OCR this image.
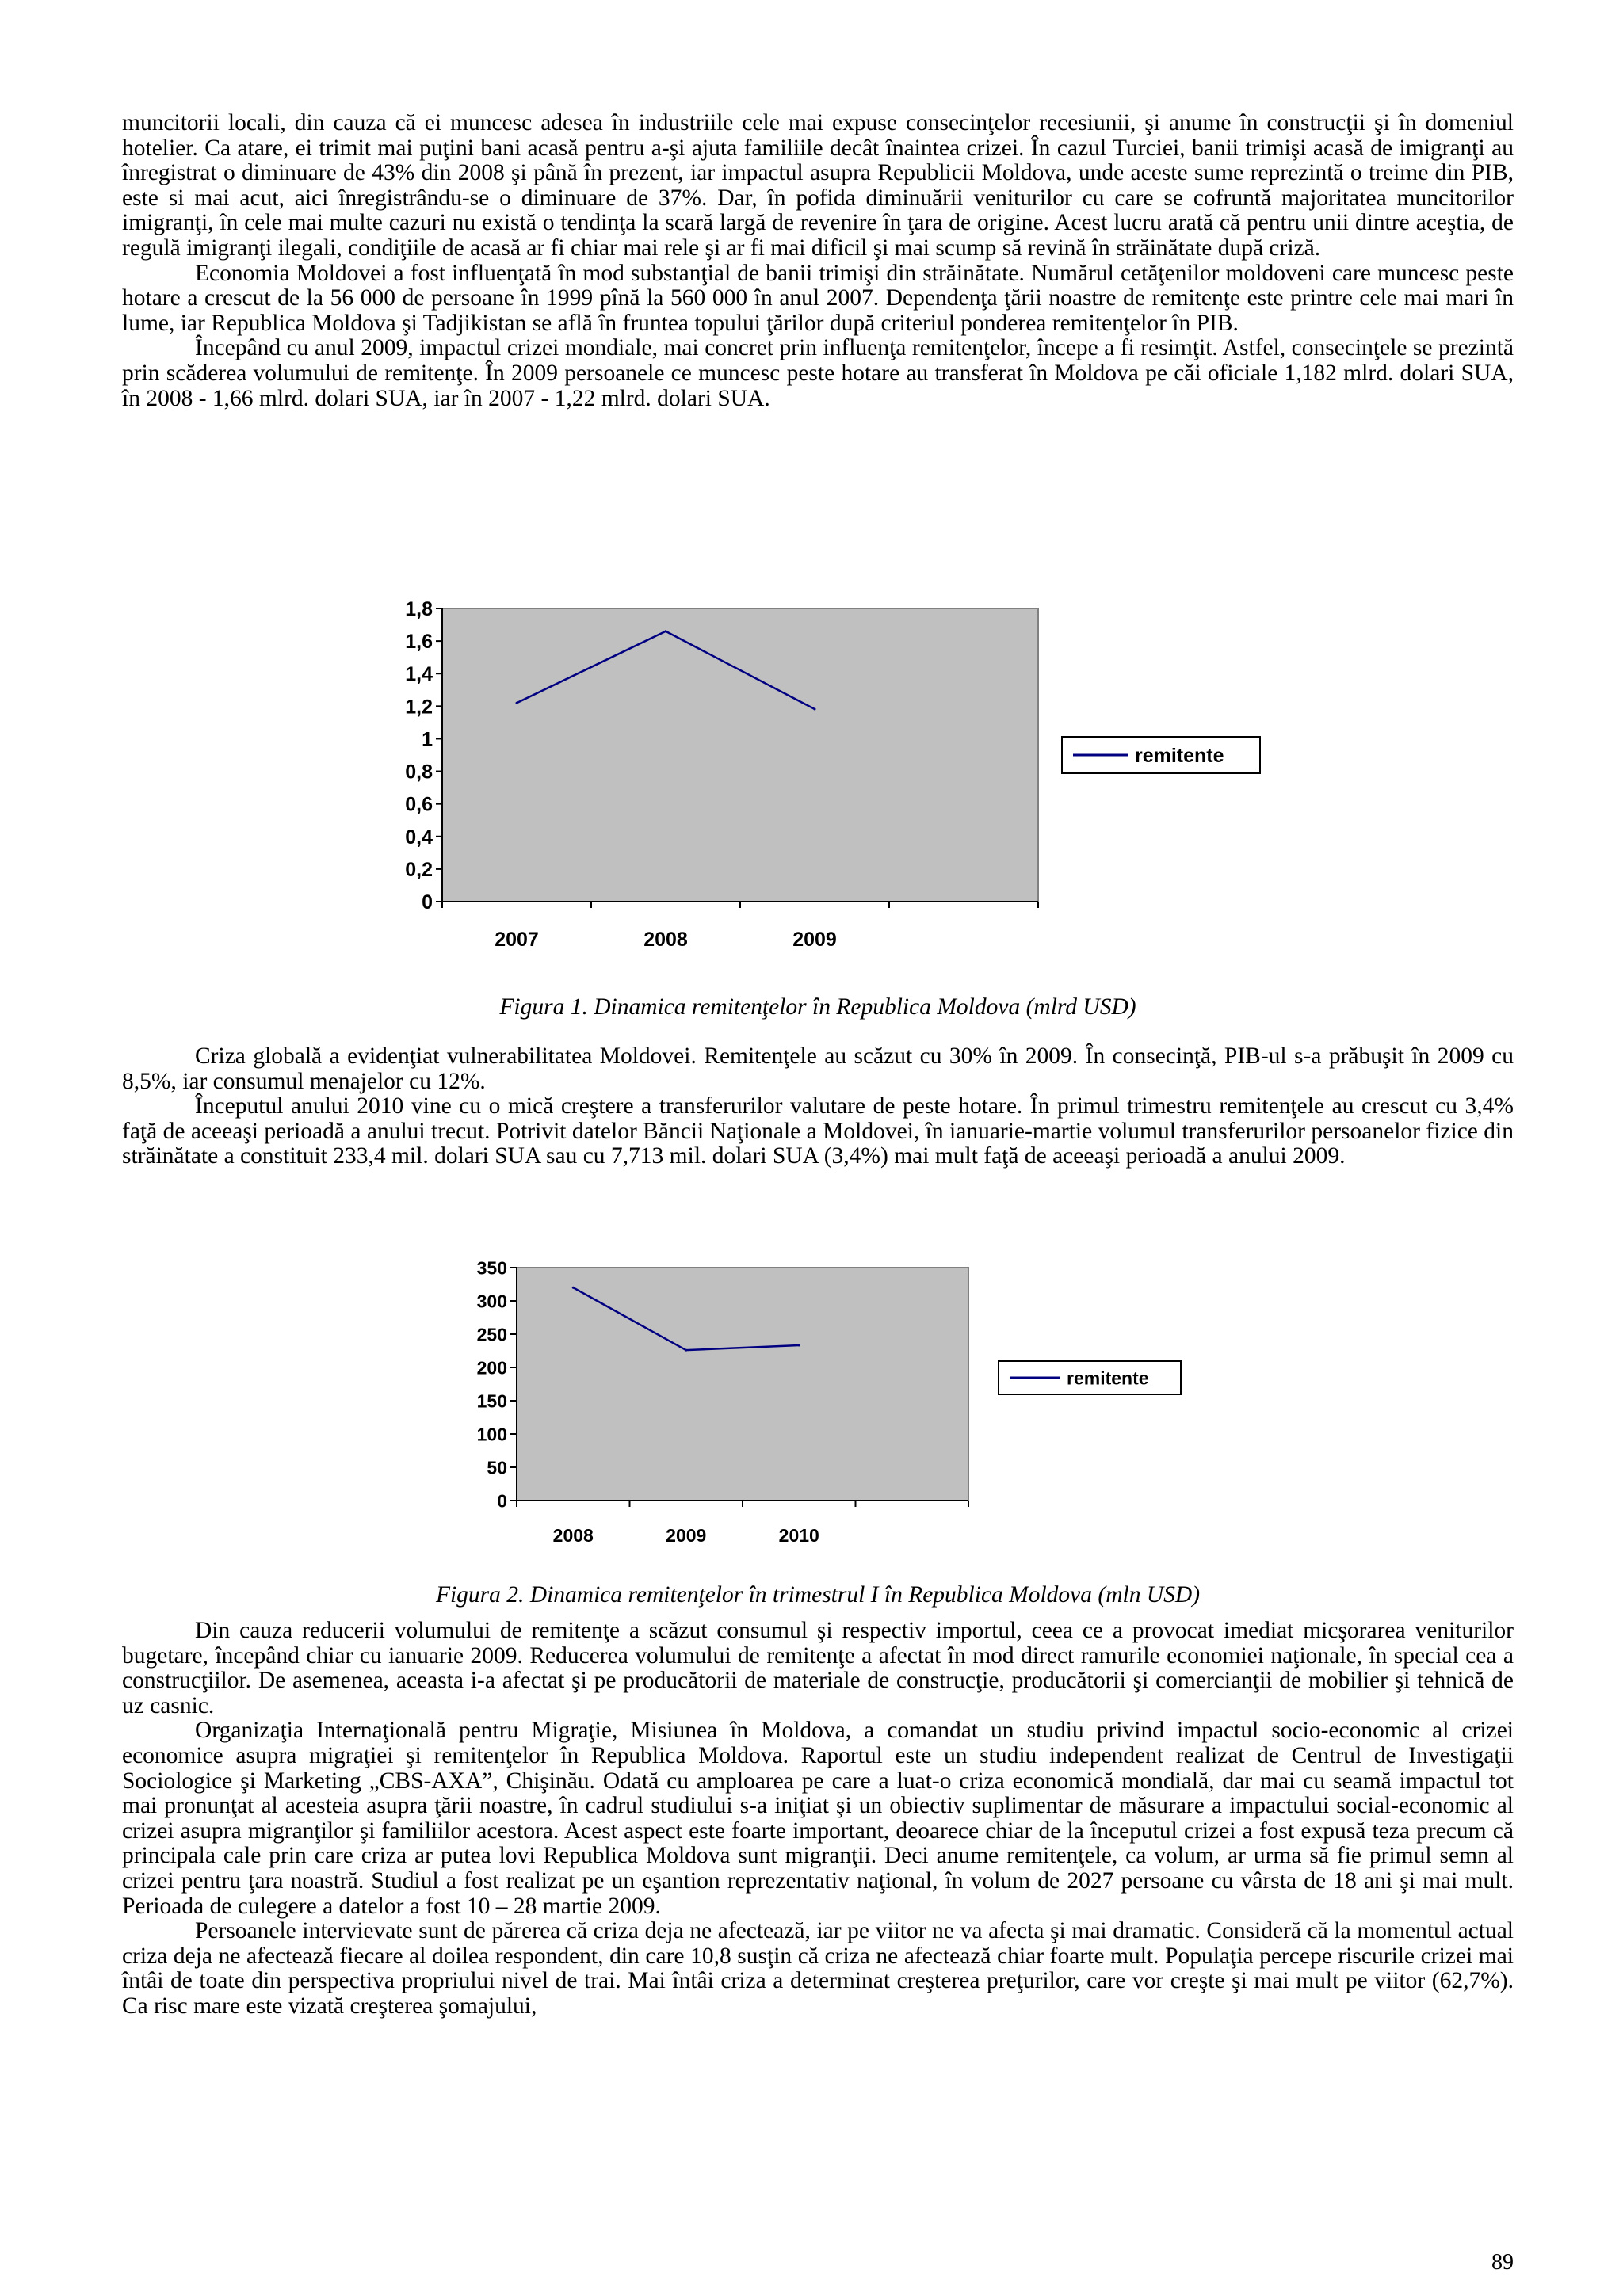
muncitorii locali, din cauza că ei muncesc adesea în industriile cele mai expuse consecinţelor recesiunii, şi anume în construcţii şi în domeniul hotelier. Ca atare, ei trimit mai puţini bani acasă pentru a-şi ajuta familiile decât înaintea crizei. În cazul Turciei, banii trimişi acasă de imigranţi au înregistrat o diminuare de 43% din 2008 şi până în prezent, iar impactul asupra Republicii Moldova, unde aceste sume reprezintă o treime din PIB, este si mai acut, aici înregistrându-se o diminuare de 37%. Dar, în pofida diminuării veniturilor cu care se cofruntă majoritatea muncitorilor imigranţi, în cele mai multe cazuri nu există o tendinţa la scară largă de revenire în ţara de origine. Acest lucru arată că pentru unii dintre aceştia, de regulă imigranţi ilegali, condiţiile de acasă ar fi chiar mai rele şi ar fi mai dificil şi mai scump să revină în străinătate după criză.

Economia Moldovei a fost influenţată în mod substanţial de banii trimişi din străinătate. Numărul cetăţenilor moldoveni care muncesc peste hotare a crescut de la 56 000 de persoane în 1999 pînă la 560 000 în anul 2007. Dependenţa ţării noastre de remitenţe este printre cele mai mari în lume, iar Republica Moldova şi Tadjikistan se află în fruntea topului ţărilor după criteriul ponderea remitenţelor în PIB.

Începând cu anul 2009, impactul crizei mondiale, mai concret prin influenţa remitenţelor, începe a fi resimţit. Astfel, consecinţele se prezintă prin scăderea volumului de remitenţe. În 2009 persoanele ce muncesc peste hotare au transferat în Moldova pe căi oficiale 1,182 mlrd. dolari SUA, în 2008 - 1,66 mlrd. dolari SUA, iar în 2007 - 1,22 mlrd. dolari SUA.

0
0,2
0,4
0,6
0,8
1
1,2
1,4
1,6
1,8
2007	2008	2009
remitente
Figura 1. Dinamica remitenţelor în Republica Moldova (mlrd USD)

Criza globală a evidenţiat vulnerabilitatea Moldovei. Remitenţele au scăzut cu 30% în 2009. În consecinţă, PIB-ul s-a prăbuşit în 2009 cu 8,5%, iar consumul menajelor cu 12%.

Începutul anului 2010 vine cu o mică creştere a transferurilor valutare de peste hotare. În primul trimestru remitenţele au crescut cu 3,4% faţă de aceeaşi perioadă a anului trecut. Potrivit datelor Băncii Naţionale a Moldovei, în ianuarie-martie volumul transferurilor persoanelor fizice din străinătate a constituit 233,4 mil. dolari SUA sau cu 7,713 mil. dolari SUA (3,4%) mai mult faţă de aceeaşi perioadă a anului 2009.

0
50
100
150
200
250
300
350
2008	2009	2010
remitente
Figura 2. Dinamica remitenţelor în trimestrul I în Republica Moldova (mln USD)

Din cauza reducerii volumului de remitenţe a scăzut consumul şi respectiv importul, ceea ce a provocat imediat micşorarea veniturilor bugetare, începând chiar cu ianuarie 2009. Reducerea volumului de remitenţe a afectat în mod direct ramurile economiei naţionale, în special cea a construcţiilor. De asemenea, aceasta i-a afectat şi pe producătorii de materiale de construcţie, producătorii şi comercianţii de mobilier şi tehnică de uz casnic.

Organizaţia Internaţională pentru Migraţie, Misiunea în Moldova, a comandat un studiu privind impactul socio-economic al crizei economice asupra migraţiei şi remitenţelor în Republica Moldova. Raportul este un studiu independent realizat de Centrul de Investigaţii Sociologice şi Marketing „CBS-AXA”, Chişinău. Odată cu amploarea pe care a luat-o criza economică mondială, dar mai cu seamă impactul tot mai pronunţat al acesteia asupra ţării noastre, în cadrul studiului s-a iniţiat şi un obiectiv suplimentar de măsurare a impactului social-economic al crizei asupra migranţilor şi familiilor acestora. Acest aspect este foarte important, deoarece chiar de la începutul crizei a fost expusă teza precum că principala cale prin care criza ar putea lovi Republica Moldova sunt migranţii. Deci anume remitenţele, ca volum, ar urma să fie primul semn al crizei pentru ţara noastră. Studiul a fost realizat pe un eşantion reprezentativ naţional, în volum de 2027 persoane cu vârsta de 18 ani şi mai mult. Perioada de culegere a datelor a fost 10 – 28 martie 2009.

Persoanele intervievate sunt de părerea că criza deja ne afectează, iar pe viitor ne va afecta şi mai dramatic. Consideră că la momentul actual criza deja ne afectează fiecare al doilea respondent, din care 10,8 susţin că criza ne afectează chiar foarte mult. Populaţia percepe riscurile crizei mai întâi de toate din perspectiva propriului nivel de trai. Mai întâi criza a determinat creşterea preţurilor, care vor creşte şi mai mult pe viitor (62,7%). Ca risc mare este vizată creşterea şomajului,

89
